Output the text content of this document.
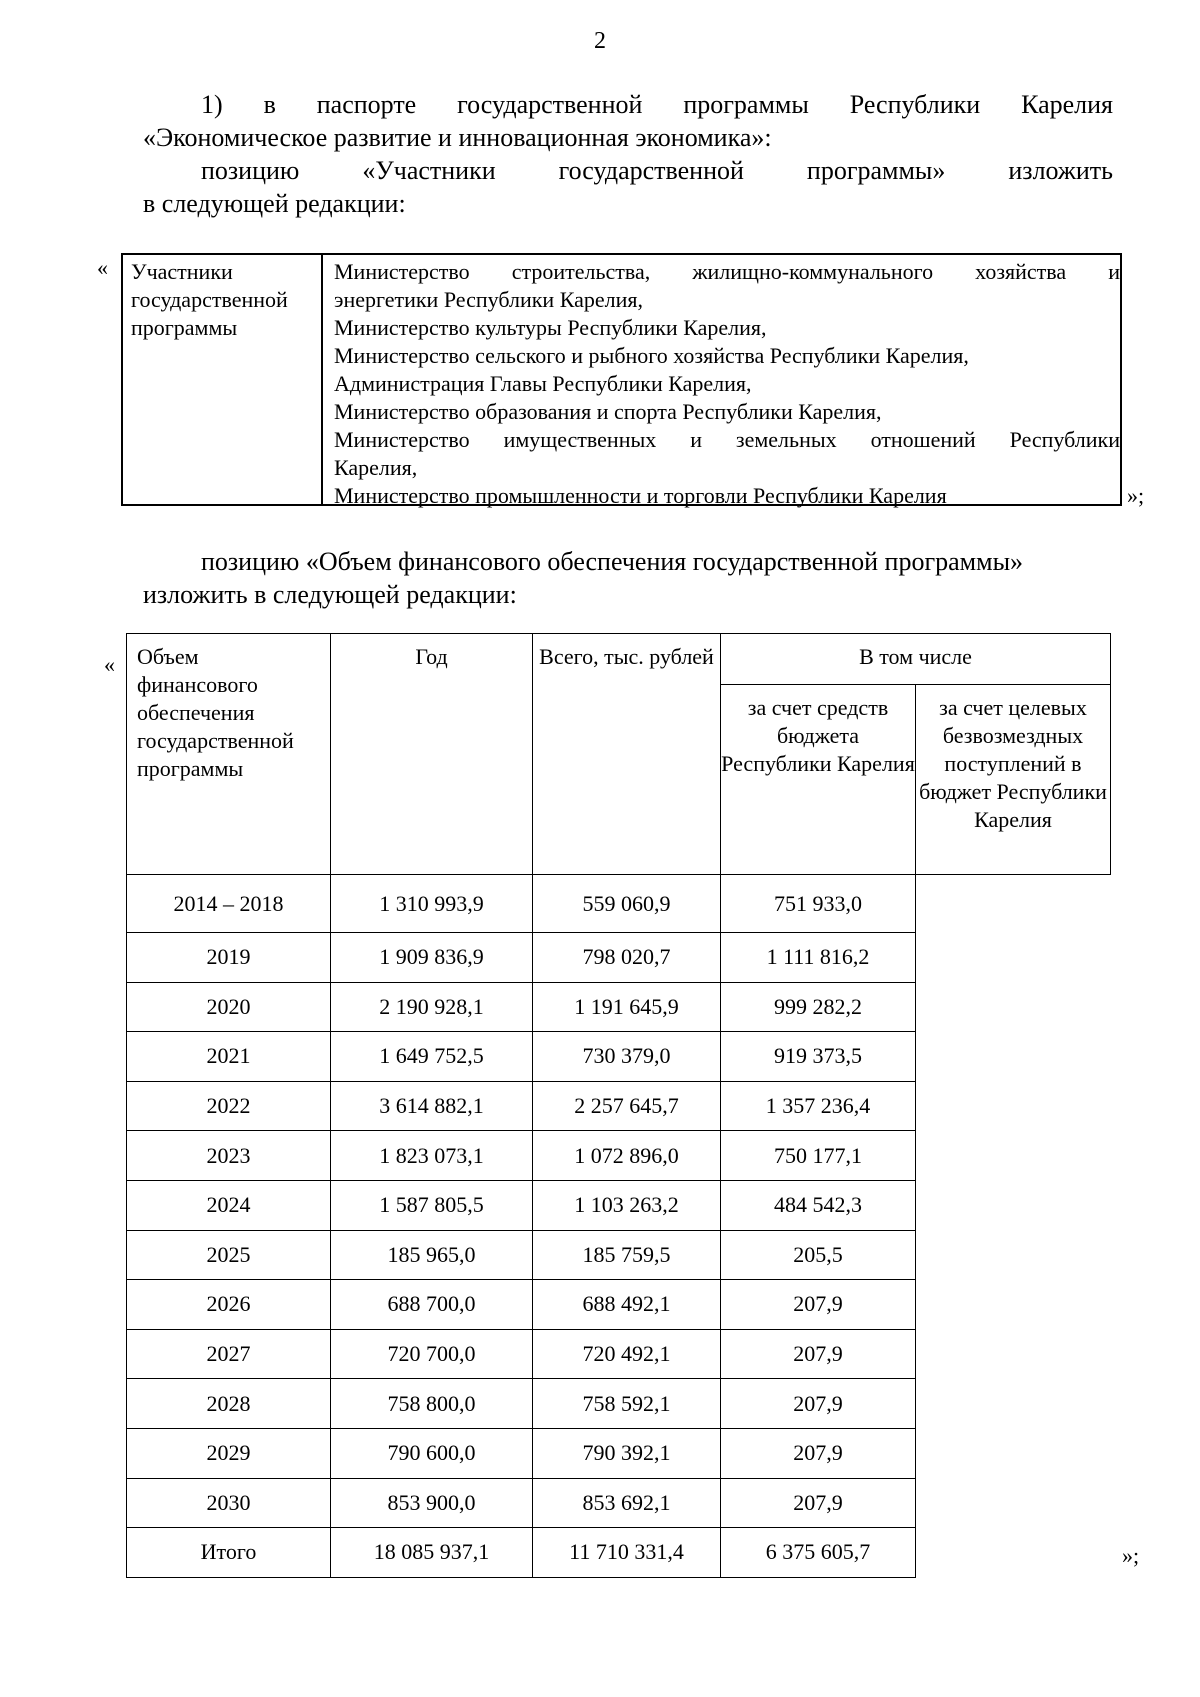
2
1) в паспорте государственной программы Республики Карелия
«Экономическое развитие и инновационная экономика»:
позицию «Участники государственной программы» изложить
в следующей редакции:
«	Участники государственной программы
Министерство строительства, жилищно-коммунального хозяйства и
энергетики Республики Карелия,
Министерство культуры Республики Карелия,
Министерство сельского и рыбного хозяйства Республики Карелия,
Администрация Главы Республики Карелия,
Министерство образования и спорта Республики Карелия,
Министерство имущественных и земельных отношений Республики
Карелия,
Министерство промышленности и торговли Республики Карелия	»;
позицию «Объем финансового обеспечения государственной программы»
изложить в следующей редакции:
« Объем финансового обеспечения государственной программы	Год	Всего, тыс. рублей	В том числе	
			за счет средств бюджета Республики Карелия	за счет целевых безвозмездных поступлений в бюджет Республики Карелия
2014 – 2018	1 310 993,9	559 060,9	751 933,0	
2019	1 909 836,9	798 020,7	1 111 816,2	
2020	2 190 928,1	1 191 645,9	999 282,2	
2021	1 649 752,5	730 379,0	919 373,5	
2022	3 614 882,1	2 257 645,7	1 357 236,4	
2023	1 823 073,1	1 072 896,0	750 177,1	
2024	1 587 805,5	1 103 263,2	484 542,3	
2025	185 965,0	185 759,5	205,5	
2026	688 700,0	688 492,1	207,9	
2027	720 700,0	720 492,1	207,9	
2028	758 800,0	758 592,1	207,9	
2029	790 600,0	790 392,1	207,9	
2030	853 900,0	853 692,1	207,9	
Итого	18 085 937,1	11 710 331,4	6 375 605,7		»;
